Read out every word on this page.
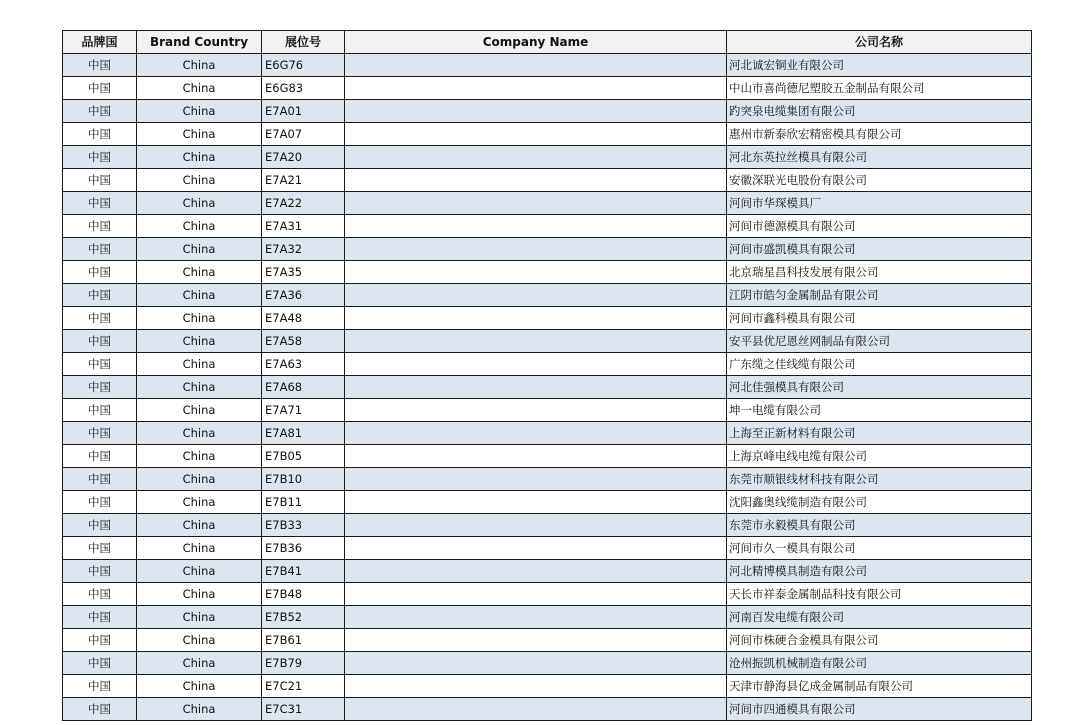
品牌国	Brand Country	展位号	Company Name	公司名称
中国	China	E6G76		河北诚宏铜业有限公司
中国	China	E6G83		中山市喜尚德尼塑胶五金制品有限公司
中国	China	E7A01		趵突泉电缆集团有限公司
中国	China	E7A07		惠州市新泰欣宏精密模具有限公司
中国	China	E7A20		河北东英拉丝模具有限公司
中国	China	E7A21		安徽深联光电股份有限公司
中国	China	E7A22		河间市华琛模具厂
中国	China	E7A31		河间市德源模具有限公司
中国	China	E7A32		河间市盛凯模具有限公司
中国	China	E7A35		北京瑞星昌科技发展有限公司
中国	China	E7A36		江阴市皓匀金属制品有限公司
中国	China	E7A48		河间市鑫科模具有限公司
中国	China	E7A58		安平县优尼恩丝网制品有限公司
中国	China	E7A63		广东缆之佳线缆有限公司
中国	China	E7A68		河北佳强模具有限公司
中国	China	E7A71		坤一电缆有限公司
中国	China	E7A81		上海至正新材料有限公司
中国	China	E7B05		上海京峰电线电缆有限公司
中国	China	E7B10		东莞市顺银线材科技有限公司
中国	China	E7B11		沈阳鑫奥线缆制造有限公司
中国	China	E7B33		东莞市永毅模具有限公司
中国	China	E7B36		河间市久一模具有限公司
中国	China	E7B41		河北精博模具制造有限公司
中国	China	E7B48		天长市祥泰金属制品科技有限公司
中国	China	E7B52		河南百发电缆有限公司
中国	China	E7B61		河间市株硬合金模具有限公司
中国	China	E7B79		沧州振凯机械制造有限公司
中国	China	E7C21		天津市静海县亿成金属制品有限公司
中国	China	E7C31		河间市四通模具有限公司
